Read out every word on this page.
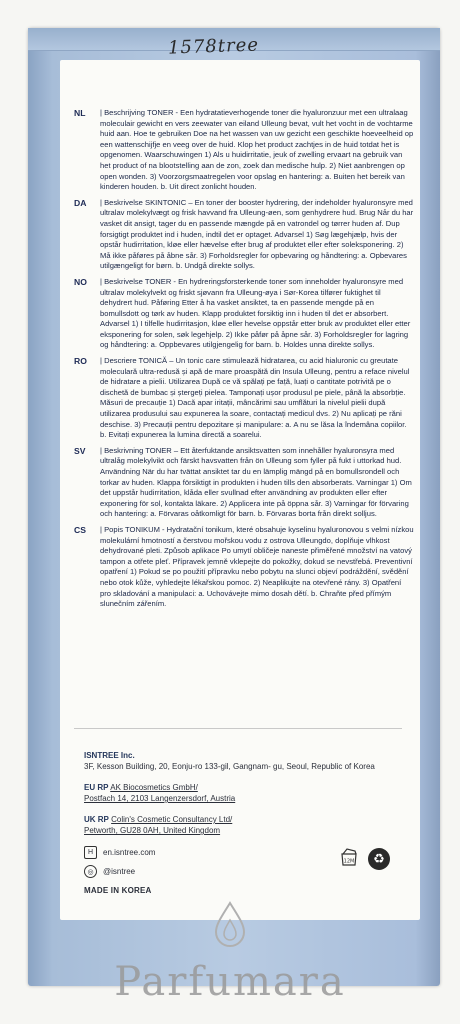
1578tree
NL	| Beschrijving TONER - Een hydratatieverhogende toner die hyaluronzuur met een ultralaag moleculair gewicht en vers zeewater van eiland Ulleung bevat, vult het vocht in de vochtarme huid aan. Hoe te gebruiken Doe na het wassen van uw gezicht een geschikte hoeveelheid op een wattenschijfje en veeg over de huid. Klop het product zachtjes in de huid totdat het is opgenomen. Waarschuwingen 1) Als u huidirritatie, jeuk of zwelling ervaart na gebruik van het product of na blootstelling aan de zon, zoek dan medische hulp. 2) Niet aanbrengen op open wonden. 3) Voorzorgsmaatregelen voor opslag en hantering: a. Buiten het bereik van kinderen houden. b. Uit direct zonlicht houden.

DA	| Beskrivelse SKINTONIC – En toner der booster hydrering, der indeholder hyaluronsyre med ultralav molekylvægt og frisk havvand fra Ulleung-øen, som genhydrere hud. Brug Når du har vasket dit ansigt, tager du en passende mængde på en vatrondel og tørrer huden af. Dup forsigtigt produktet ind i huden, indtil det er optaget. Advarsel 1) Søg lægehjælp, hvis der opstår hudirritation, kløe eller hævelse efter brug af produktet eller efter soleksponering. 2) Må ikke påføres på åbne sår. 3) Forholdsregler for opbevaring og håndtering: a. Opbevares utilgængeligt for børn. b. Undgå direkte sollys.

NO	| Beskrivelse TONER - En hydreringsforsterkende toner som inneholder hyaluronsyre med ultralav molekylvekt og friskt sjøvann fra Ulleung-øya i Sør-Korea tilfører fuktighet til dehydrert hud. Påføring Etter å ha vasket ansiktet, ta en passende mengde på en bomullsdott og tørk av huden. Klapp produktet forsiktig inn i huden til det er absorbert. Advarsel 1) I tilfelle hudirritasjon, kløe eller hevelse oppstår etter bruk av produktet eller etter eksponering for solen, søk legehjelp. 2) Ikke påfør på åpne sår. 3) Forholdsregler for lagring og håndtering: a. Oppbevares utilgjengelig for barn. b. Holdes unna direkte sollys.

RO	| Descriere TONICĂ – Un tonic care stimulează hidratarea, cu acid hialuronic cu greutate moleculară ultra-redusă și apă de mare proaspătă din Insula Ulleung, pentru a reface nivelul de hidratare a pielii. Utilizarea După ce vă spălați pe față, luați o cantitate potrivită pe o dischetă de bumbac și ștergeți pielea. Tamponați ușor produsul pe piele, până la absorbție. Măsuri de precauție 1) Dacă apar iritații, mâncărimi sau umflături la nivelul pielii după utilizarea produsului sau expunerea la soare, contactați medicul dvs. 2) Nu aplicați pe răni deschise. 3) Precauții pentru depozitare și manipulare: a. A nu se lăsa la îndemâna copiilor. b. Evitați expunerea la lumina directă a soarelui.

SV	| Beskrivning TONER – Ett återfuktande ansiktsvatten som innehåller hyaluronsyra med ultralåg molekylvikt och färskt havsvatten från ön Ulleung som fyller på fukt i uttorkad hud. Användning När du har tvättat ansiktet tar du en lämplig mängd på en bomullsrondell och torkar av huden. Klappa försiktigt in produkten i huden tills den absorberats. Varningar 1) Om det uppstår hudirritation, klåda eller svullnad efter användning av produkten eller efter exponering för sol, kontakta läkare. 2) Applicera inte på öppna sår. 3) Varningar för förvaring och hantering: a. Förvaras oåtkomligt för barn. b. Förvaras borta från direkt solljus.

CS	| Popis TONIKUM - Hydratační tonikum, které obsahuje kyselinu hyaluronovou s velmi nízkou molekulární hmotností a čerstvou mořskou vodu z ostrova Ulleungdo, doplňuje vlhkost dehydrované pleti. Způsob aplikace Po umytí obličeje naneste přiměřené množství na vatový tampon a otřete pleť. Přípravek jemně vklepejte do pokožky, dokud se nevstřebá. Preventivní opatření 1) Pokud se po použití přípravku nebo pobytu na slunci objeví podráždění, svědění nebo otok kůže, vyhledejte lékařskou pomoc. 2) Neaplikujte na otevřené rány. 3) Opatření pro skladování a manipulaci: a. Uchovávejte mimo dosah dětí. b. Chraňte před přímým slunečním zářením.

ISNTREE Inc.
3F, Kesson Building, 20, Eonju-ro 133-gil, Gangnam- gu, Seoul, Republic of Korea
EU RP AK Biocosmetics GmbH/
Postfach 14, 2103 Langenzersdorf, Austria
UK RP Colin's Cosmetic Consultancy Ltd/
Petworth, GU28 0AH, United Kingdom
H	en.isntree.com
◎	@isntree
MADE IN KOREA
12M	♻
Parfumara
